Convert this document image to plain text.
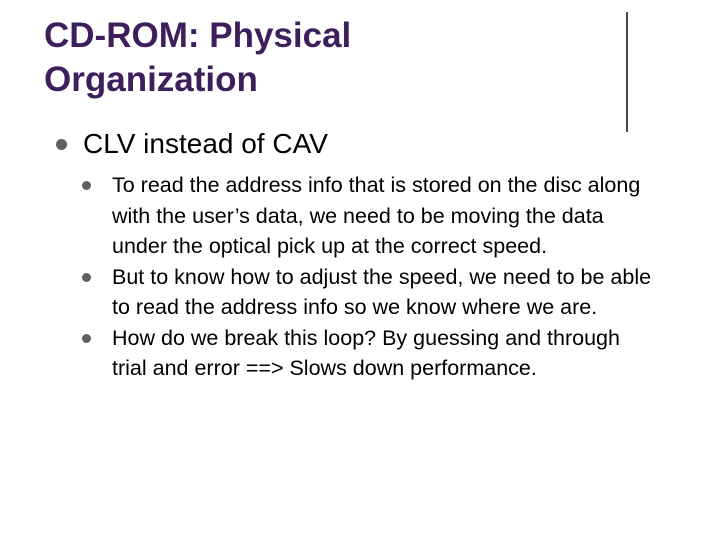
CD-ROM: Physical
Organization
CLV instead of CAV
To read the address info that is stored on the disc along with the user’s data, we need to be moving the data under the optical pick up at the correct speed.
But to know how to adjust the speed, we need to be able to read the address info so we know where we are.
How do we break this loop? By guessing and through trial and error ==> Slows down performance.
